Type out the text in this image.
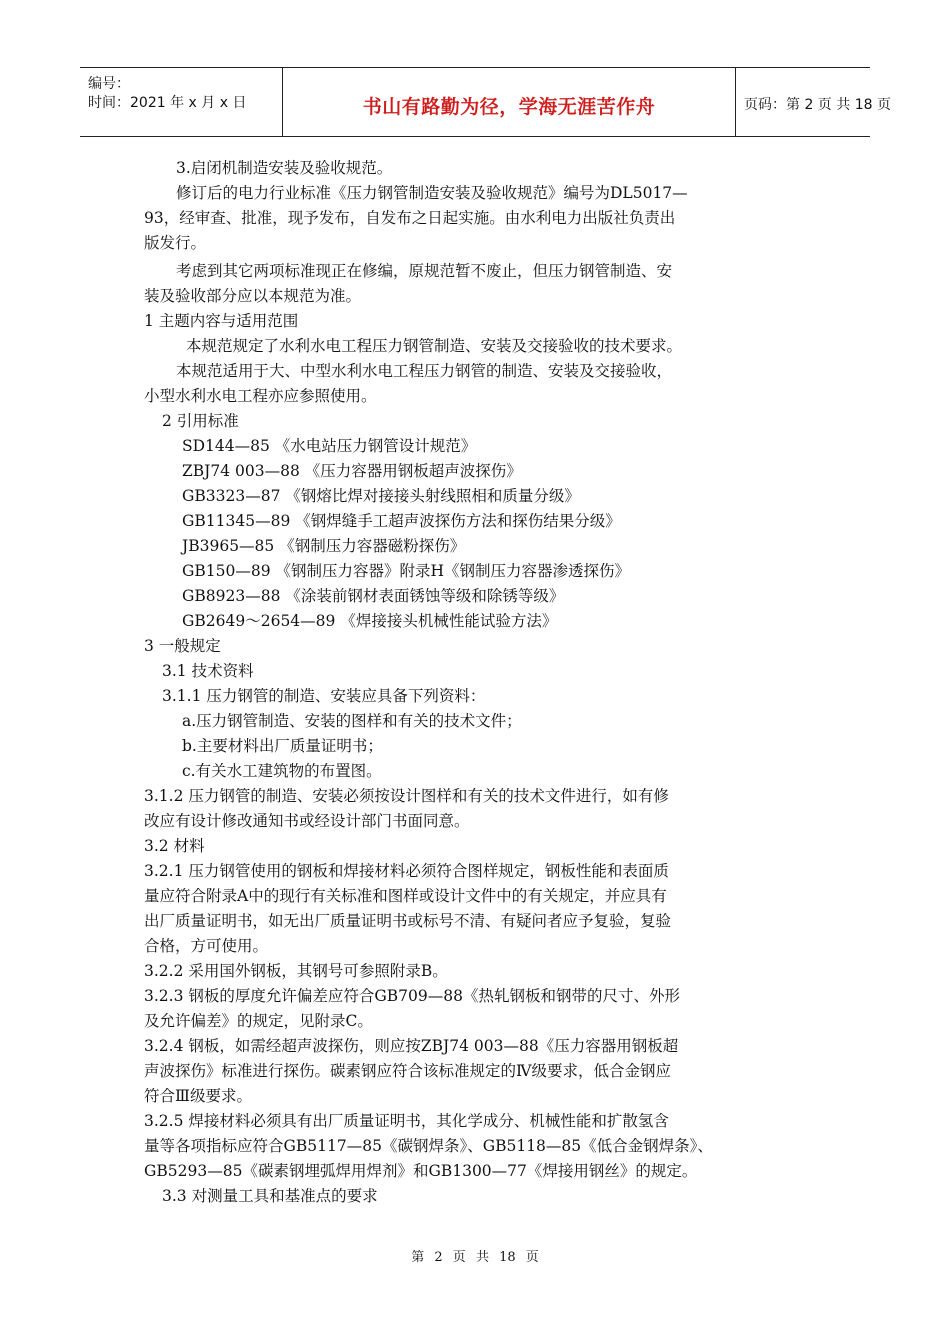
编号：
时间：2021 年 x 月 x 日	书山有路勤为径，学海无涯苦作舟	页码：第 2 页 共 18 页
3.启闭机制造安装及验收规范。
修订后的电力行业标准《压力钢管制造安装及验收规范》编号为DL5017—
93，经审查、批准，现予发布，自发布之日起实施。由水利电力出版社负责出
版发行。
考虑到其它两项标准现正在修编，原规范暂不废止，但压力钢管制造、安
装及验收部分应以本规范为准。
1 主题内容与适用范围
本规范规定了水利水电工程压力钢管制造、安装及交接验收的技术要求。
本规范适用于大、中型水利水电工程压力钢管的制造、安装及交接验收，
小型水利水电工程亦应参照使用。
2 引用标准
SD144—85 《水电站压力钢管设计规范》
ZBJ74 003—88 《压力容器用钢板超声波探伤》
GB3323—87 《钢熔比焊对接接头射线照相和质量分级》
GB11345—89 《钢焊缝手工超声波探伤方法和探伤结果分级》
JB3965—85 《钢制压力容器磁粉探伤》
GB150—89 《钢制压力容器》附录H《钢制压力容器渗透探伤》
GB8923—88 《涂装前钢材表面锈蚀等级和除锈等级》
GB2649～2654—89 《焊接接头机械性能试验方法》
3 一般规定
3.1 技术资料
3.1.1 压力钢管的制造、安装应具备下列资料：
a.压力钢管制造、安装的图样和有关的技术文件；
b.主要材料出厂质量证明书；
c.有关水工建筑物的布置图。
3.1.2 压力钢管的制造、安装必须按设计图样和有关的技术文件进行，如有修
改应有设计修改通知书或经设计部门书面同意。
3.2 材料
3.2.1 压力钢管使用的钢板和焊接材料必须符合图样规定，钢板性能和表面质
量应符合附录A中的现行有关标准和图样或设计文件中的有关规定，并应具有
出厂质量证明书，如无出厂质量证明书或标号不清、有疑问者应予复验，复验
合格，方可使用。
3.2.2 采用国外钢板，其钢号可参照附录B。
3.2.3 钢板的厚度允许偏差应符合GB709—88《热轧钢板和钢带的尺寸、外形
及允许偏差》的规定，见附录C。
3.2.4 钢板，如需经超声波探伤，则应按ZBJ74 003—88《压力容器用钢板超
声波探伤》标准进行探伤。碳素钢应符合该标准规定的Ⅳ级要求，低合金钢应
符合Ⅲ级要求。
3.2.5 焊接材料必须具有出厂质量证明书，其化学成分、机械性能和扩散氢含
量等各项指标应符合GB5117—85《碳钢焊条》、GB5118—85《低合金钢焊条》、
GB5293—85《碳素钢埋弧焊用焊剂》和GB1300—77《焊接用钢丝》的规定。
3.3 对测量工具和基准点的要求
第 2 页 共 18 页
